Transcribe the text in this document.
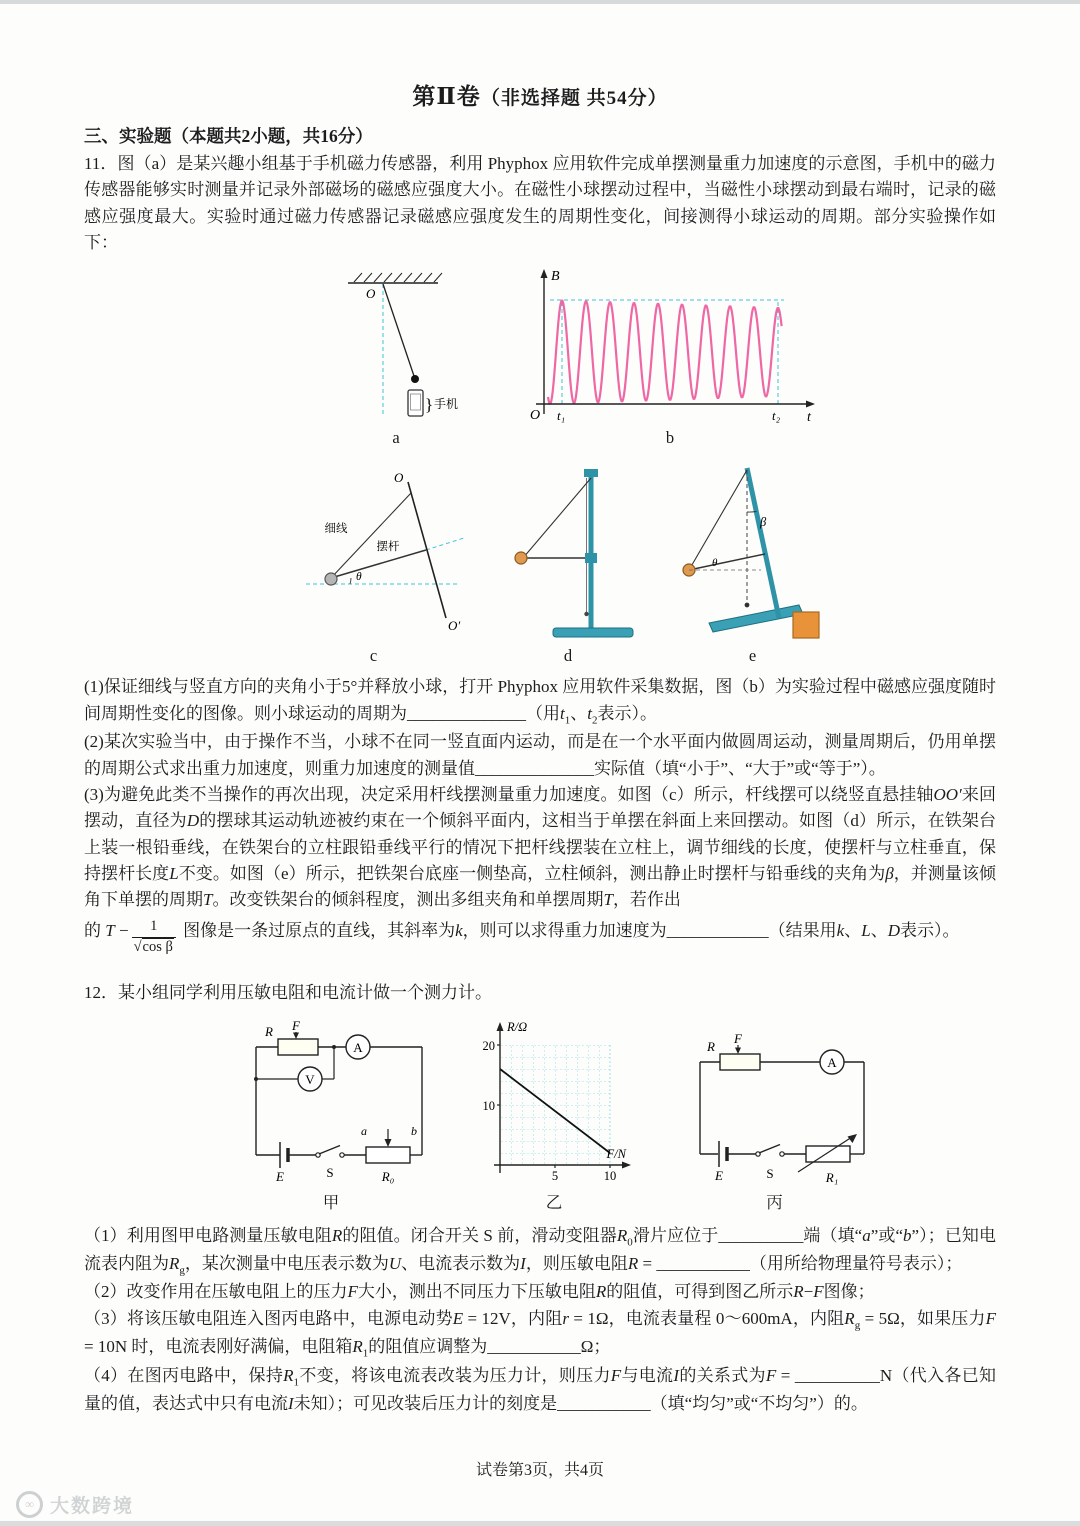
第Ⅱ卷（非选择题 共54分）
三、实验题（本题共2小题，共16分）

11．图（a）是某兴趣小组基于手机磁力传感器，利用 Phyphox 应用软件完成单摆测量重力加速度的示意图，手机中的磁力传感器能够实时测量并记录外部磁场的磁感应强度大小。在磁性小球摆动过程中，当磁性小球摆动到最右端时，记录的磁感应强度最大。实验时通过磁力传感器记录磁感应强度发生的周期性变化，间接测得小球运动的周期。部分实验操作如下：

O
} 手机
a
B
t
O t₁	t₂
b
O
O′
细线
摆杆
θ
c	d
β
θ
e

(1)保证细线与竖直方向的夹角小于5°并释放小球，打开 Phyphox 应用软件采集数据，图（b）为实验过程中磁感应强度随时间周期性变化的图像。则小球运动的周期为______________（用$t_1$、$t_2$表示）。

(2)某次实验当中，由于操作不当，小球不在同一竖直面内运动，而是在一个水平面内做圆周运动，测量周期后，仍用单摆的周期公式求出重力加速度，则重力加速度的测量值______________实际值（填“小于”、“大于”或“等于”）。

(3)为避免此类不当操作的再次出现，决定采用杆线摆测量重力加速度。如图（c）所示，杆线摆可以绕竖直悬挂轴OO′来回摆动，直径为D的摆球其运动轨迹被约束在一个倾斜平面内，这相当于单摆在斜面上来回摆动。如图（d）所示，在铁架台上装一根铅垂线，在铁架台的立柱跟铅垂线平行的情况下把杆线摆装在立柱上，调节细线的长度，使摆杆与立柱垂直，保持摆杆长度L不变。如图（e）所示，把铁架台底座一侧垫高，立柱倾斜，测出静止时摆杆与铅垂线的夹角为β，并测量该倾角下单摆的周期T。改变铁架台的倾斜程度，测出多组夹角和单摆周期T，若作出

的 $T - \frac{1}{\text{√cos β}}$ 图像是一条过原点的直线，其斜率为k，则可以求得重力加速度为____________（结果用k、L、D表示）。

12．某小组同学利用压敏电阻和电流计做一个测力计。

F
R
A
V
E	S
a	b
R₀
甲
R/Ω
F/N
20
10
5	10
乙
F
R
A
E	S	R₁
丙

（1）利用图甲电路测量压敏电阻R的阻值。闭合开关 S 前，滑动变阻器$R_0$滑片应位于__________端（填“a”或“b”）；已知电流表内阻为$R_g$，某次测量中电压表示数为U、电流表示数为I，则压敏电阻R = ___________（用所给物理量符号表示）；

（2）改变作用在压敏电阻上的压力F大小，测出不同压力下压敏电阻R的阻值，可得到图乙所示R−F图像；

（3）将该压敏电阻连入图丙电路中，电源电动势E = 12V，内阻r = 1Ω，电流表量程 0～600mA，内阻$R_g = 5\Omega$，如果压力F = 10N 时，电流表刚好满偏，电阻箱$R_1$的阻值应调整为___________Ω；

（4）在图丙电路中，保持$R_1$不变，将该电流表改装为压力计，则压力F与电流I的关系式为F = __________N（代入各已知量的值，表达式中只有电流I未知）；可见改装后压力计的刻度是___________（填“均匀”或“不均匀”）的。

试卷第3页，共4页
∞ 大数跨境
